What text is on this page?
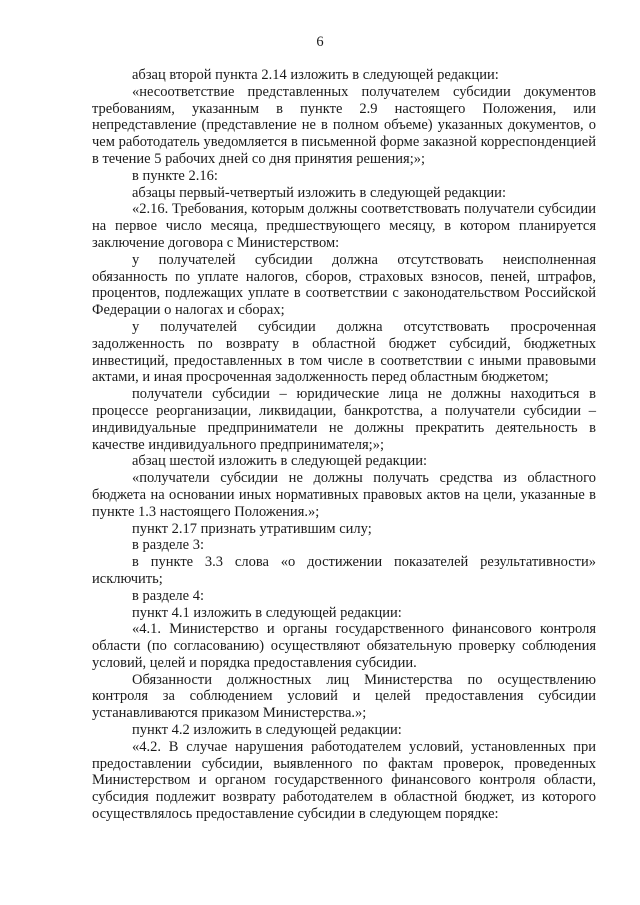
6

абзац второй пункта 2.14 изложить в следующей редакции:

«несоответствие представленных получателем субсидии документов требованиям, указанным в пункте 2.9 настоящего Положения, или непредставление (представление не в полном объеме) указанных документов, о чем работодатель уведомляется в письменной форме заказной корреспонденцией в течение 5 рабочих дней со дня принятия решения;»;

в пункте 2.16:

абзацы первый-четвертый изложить в следующей редакции:

«2.16. Требования, которым должны соответствовать получатели субсидии на первое число месяца, предшествующего месяцу, в котором планируется заключение договора с Министерством:

у получателей субсидии должна отсутствовать неисполненная обязанность по уплате налогов, сборов, страховых взносов, пеней, штрафов, процентов, подлежащих уплате в соответствии с законодательством Российской Федерации о налогах и сборах;

у получателей субсидии должна отсутствовать просроченная задолженность по возврату в областной бюджет субсидий, бюджетных инвестиций, предоставленных в том числе в соответствии с иными правовыми актами, и иная просроченная задолженность перед областным бюджетом;

получатели субсидии – юридические лица не должны находиться в процессе реорганизации, ликвидации, банкротства, а получатели субсидии – индивидуальные предприниматели не должны прекратить деятельность в качестве индивидуального предпринимателя;»;

абзац шестой изложить в следующей редакции:

«получатели субсидии не должны получать средства из областного бюджета на основании иных нормативных правовых актов на цели, указанные в пункте 1.3 настоящего Положения.»;

пункт 2.17 признать утратившим силу;

в разделе 3:

в пункте 3.3 слова «о достижении показателей результативности» исключить;

в разделе 4:

пункт 4.1 изложить в следующей редакции:

«4.1. Министерство и органы государственного финансового контроля области (по согласованию) осуществляют обязательную проверку соблюдения условий, целей и порядка предоставления субсидии.

Обязанности должностных лиц Министерства по осуществлению контроля за соблюдением условий и целей предоставления субсидии устанавливаются приказом Министерства.»;

пункт 4.2 изложить в следующей редакции:

«4.2. В случае нарушения работодателем условий, установленных при предоставлении субсидии, выявленного по фактам проверок, проведенных Министерством и органом государственного финансового контроля области, субсидия подлежит возврату работодателем в областной бюджет, из которого осуществлялось предоставление субсидии в следующем порядке:
